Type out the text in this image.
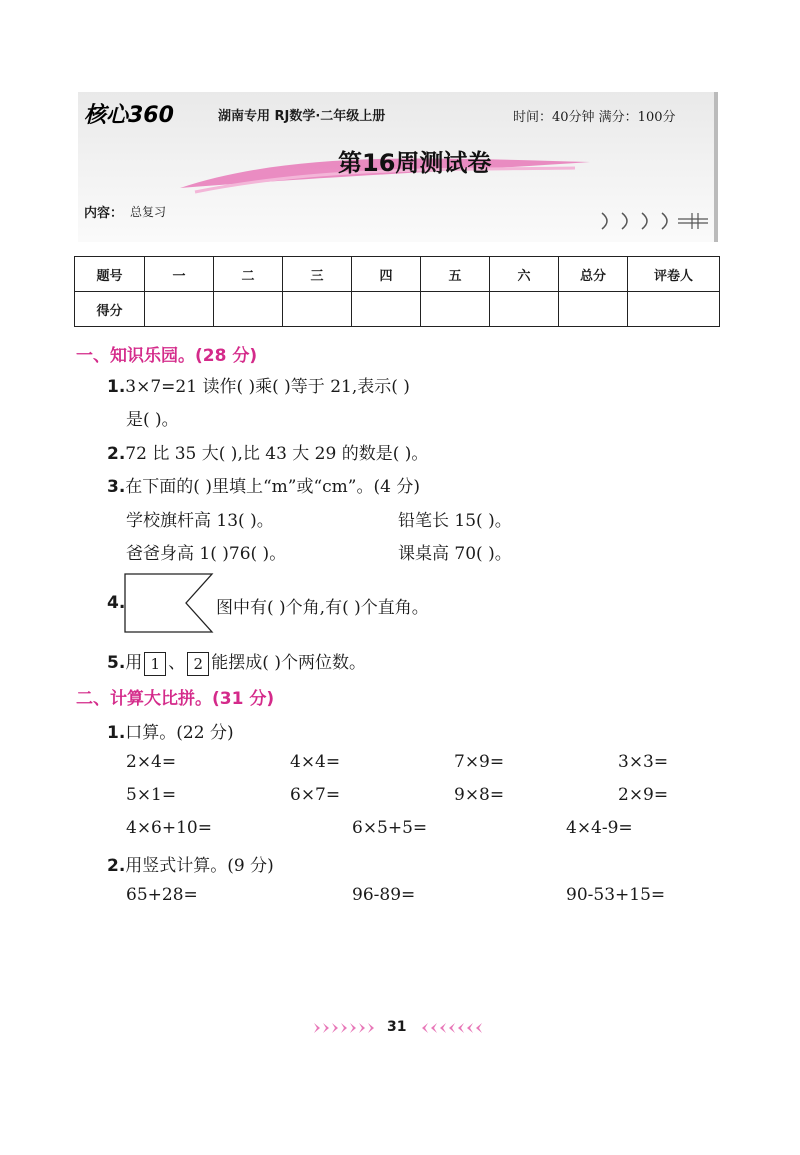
核心360	湖南专用 RJ数学·二年级上册	时间：40分钟 满分：100分
第16周测试卷
内容： 总复习
题号	一	二	三	四	五	六	总分	评卷人
得分								
一、知识乐园。(28 分)
1.3×7=21 读作( )乘( )等于 21,表示( )
是( )。
2.72 比 35 大( ),比 43 大 29 的数是( )。
3.在下面的( )里填上“m”或“cm”。(4 分)
学校旗杆高 13( )。	铅笔长 15( )。
爸爸身高 1( )76( )。	课桌高 70( )。
4.	图中有( )个角,有( )个直角。
5.用 1 、 2 能摆成( )个两位数。
二、计算大比拼。(31 分)
1.口算。(22 分)
2×4=	4×4=	7×9=	3×3=
5×1=	6×7=	9×8=	2×9=
4×6+10=	6×5+5=	4×4-9=
2.用竖式计算。(9 分)
65+28=	96-89=	90-53+15=
31
